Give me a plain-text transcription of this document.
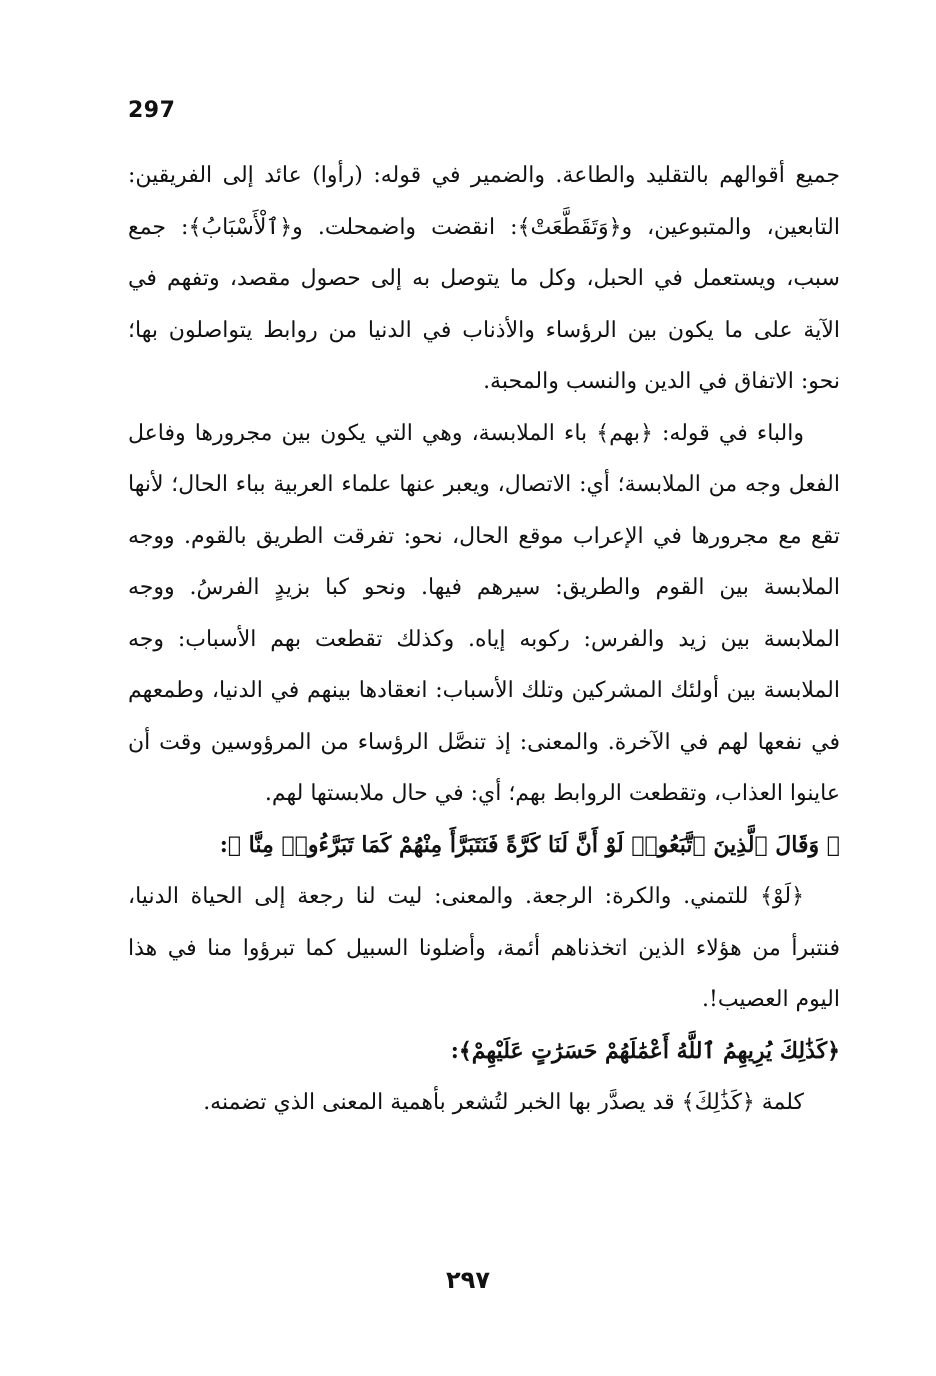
297

جميع أقوالهم بالتقليد والطاعة. والضمير في قوله: (رأوا) عائد إلى الفريقين: التابعين، والمتبوعين، و﴿وَتَقَطَّعَتْ﴾: انقضت واضمحلت. و﴿ٱلْأَسْبَابُ﴾: جمع سبب، ويستعمل في الحبل، وكل ما يتوصل به إلى حصول مقصد، وتفهم في الآية على ما يكون بين الرؤساء والأذناب في الدنيا من روابط يتواصلون بها؛ نحو: الاتفاق في الدين والنسب والمحبة.

والباء في قوله: ﴿بهم﴾ باء الملابسة، وهي التي يكون بين مجرورها وفاعل الفعل وجه من الملابسة؛ أي: الاتصال، ويعبر عنها علماء العربية بباء الحال؛ لأنها تقع مع مجرورها في الإعراب موقع الحال، نحو: تفرقت الطريق بالقوم. ووجه الملابسة بين القوم والطريق: سيرهم فيها. ونحو كبا بزيدٍ الفرسُ. ووجه الملابسة بين زيد والفرس: ركوبه إياه. وكذلك تقطعت بهم الأسباب: وجه الملابسة بين أولئك المشركين وتلك الأسباب: انعقادها بينهم في الدنيا، وطمعهم في نفعها لهم في الآخرة. والمعنى: إذ تنصَّل الرؤساء من المرؤوسين وقت أن عاينوا العذاب، وتقطعت الروابط بهم؛ أي: في حال ملابستها لهم.

﴿ وَقَالَ ٱلَّذِينَ ٱتَّبَعُوا۟ لَوْ أَنَّ لَنَا كَرَّةً فَنَتَبَرَّأَ مِنْهُمْ كَمَا تَبَرَّءُوا۟ مِنَّا ﴾:

﴿لَوْ﴾ للتمني. والكرة: الرجعة. والمعنى: ليت لنا رجعة إلى الحياة الدنيا، فنتبرأ من هؤلاء الذين اتخذناهم أئمة، وأضلونا السبيل كما تبرؤوا منا في هذا اليوم العصيب!.

﴿كَذَٰلِكَ يُرِيهِمُ ٱللَّهُ أَعْمَٰلَهُمْ حَسَرَٰتٍ عَلَيْهِمْ﴾:

كلمة ﴿كَذَٰلِكَ﴾ قد يصدَّر بها الخبر لتُشعر بأهمية المعنى الذي تضمنه.

٢٩٧
